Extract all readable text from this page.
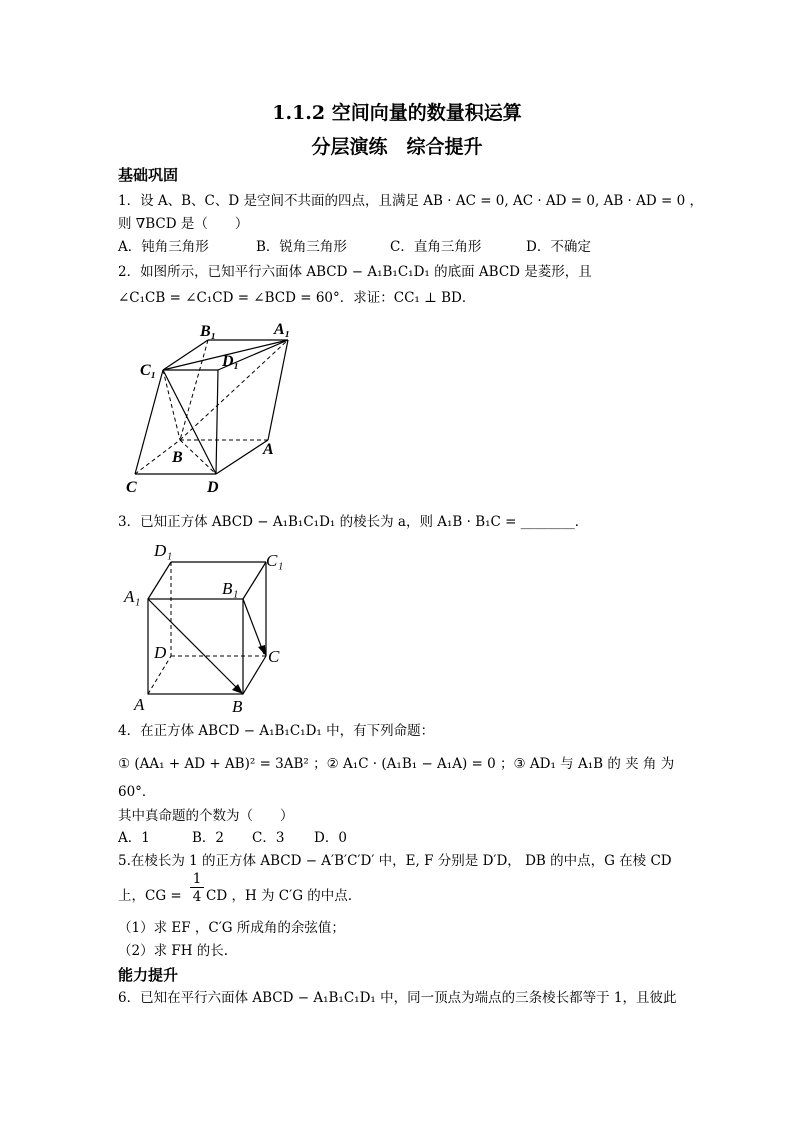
1.1.2 空间向量的数量积运算
分层演练　综合提升
基础巩固
1．设 A、B、C、D 是空间不共面的四点，且满足 AB · AC = 0, AC · AD = 0, AB · AD = 0 ，
则 ∇BCD 是（　　）
A．钝角三角形	B．锐角三角形	C．直角三角形	D．不确定
2．如图所示，已知平行六面体 ABCD − A₁B₁C₁D₁ 的底面 ABCD 是菱形，且
∠C₁CB = ∠C₁CD = ∠BCD = 60°．求证：CC₁ ⊥ BD．
B₁	A₁
D₁
C₁
B	A
C	D
3．已知正方体 ABCD − A₁B₁C₁D₁ 的棱长为 a，则 A₁B · B₁C = ________．
D₁
C₁
A₁	B₁
D	C
A	B
4．在正方体 ABCD − A₁B₁C₁D₁ 中，有下列命题：
① (AA₁ + AD + AB)² = 3AB² ；② A₁C · (A₁B₁ − A₁A) = 0 ；③ AD₁ 与 A₁B 的 夹 角 为
60°．
其中真命题的个数为（　　）
A．1	B．2 C．3 D．0
5.在棱长为 1 的正方体 ABCD − A′B′C′D′ 中，E, F 分别是 D′D， DB 的中点，G 在棱 CD
上，CG =
1
4 CD ，H 为 C′G 的中点.
（1）求 EF ，C′G 所成角的余弦值；
（2）求 FH 的长.
能力提升
6．已知在平行六面体 ABCD − A₁B₁C₁D₁ 中，同一顶点为端点的三条棱长都等于 1，且彼此
